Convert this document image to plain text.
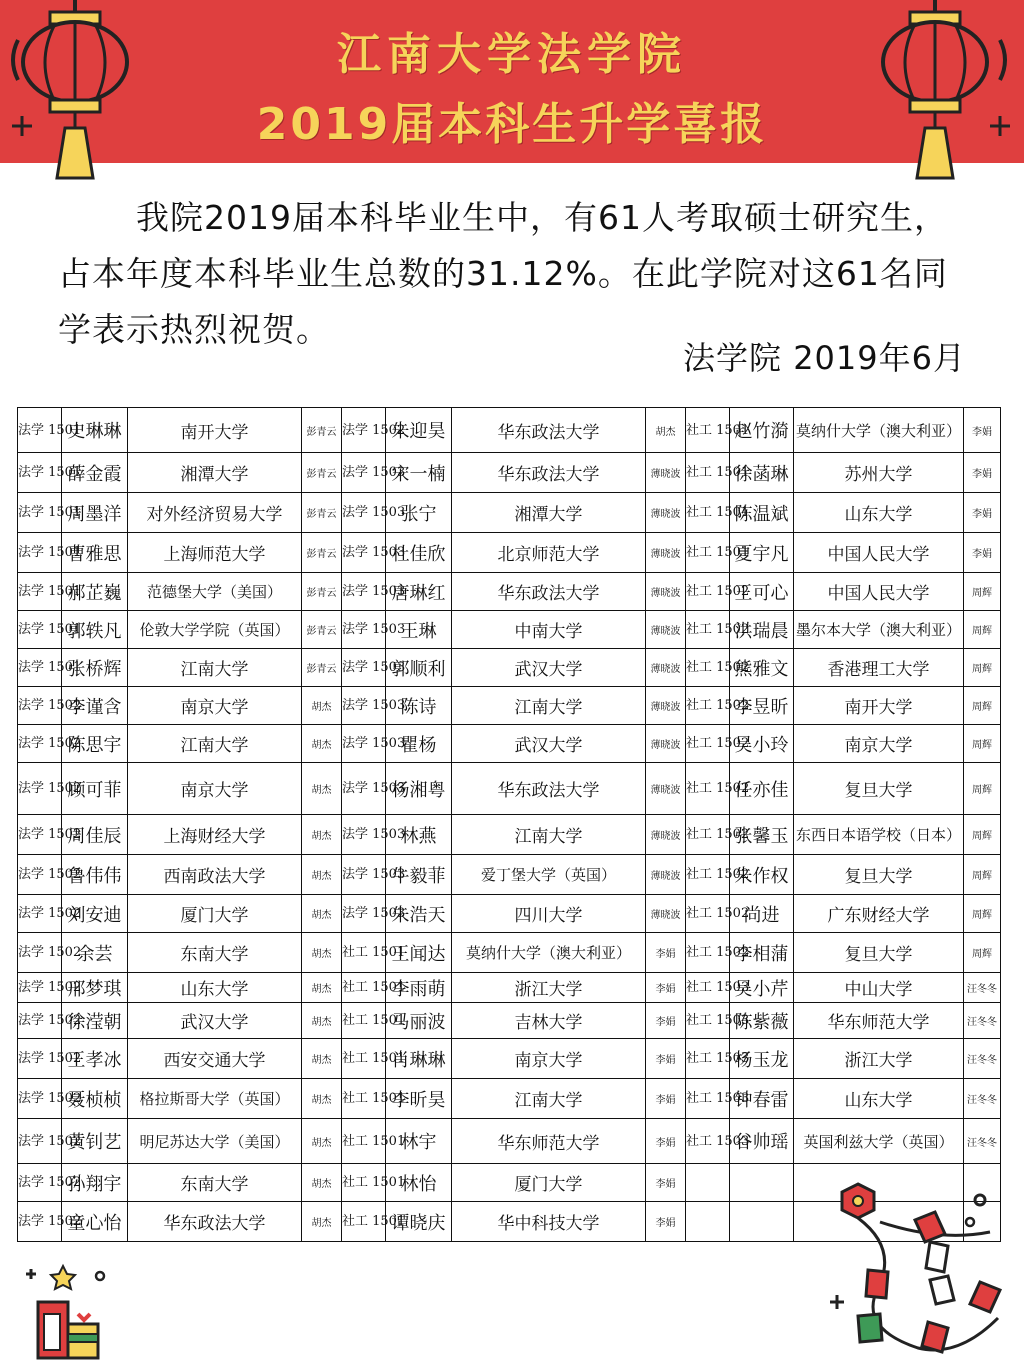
江南大学法学院
2019届本科生升学喜报
我院2019届本科毕业生中，有61人考取硕士研究生，占本年度本科毕业生总数的31.12%。在此学院对这61名同学表示热烈祝贺。
法学院 2019年6月
法学 1501	史琳琳	南开大学	彭青云	法学 1502	朱迎昊	华东政法大学	胡杰	社工 1501	赵竹漪	莫纳什大学（澳大利亚）	李娟
法学 1501	薛金霞	湘潭大学	彭青云	法学 1503	宋一楠	华东政法大学	薄晓波	社工 1501	徐菡琳	苏州大学	李娟
法学 1501	周墨洋	对外经济贸易大学	彭青云	法学 1503	张宁	湘潭大学	薄晓波	社工 1501	陈温斌	山东大学	李娟
法学 1501	曹雅思	上海师范大学	彭青云	法学 1503	杜佳欣	北京师范大学	薄晓波	社工 1501	夏宇凡	中国人民大学	李娟
法学 1501	郝芷巍	范德堡大学（美国）	彭青云	法学 1503	唐琳红	华东政法大学	薄晓波	社工 1502	王可心	中国人民大学	周辉
法学 1501	郭轶凡	伦敦大学学院（英国）	彭青云	法学 1503	王琳	中南大学	薄晓波	社工 1502	洪瑞晨	墨尔本大学（澳大利亚）	周辉
法学 1501	张桥辉	江南大学	彭青云	法学 1503	郭顺利	武汉大学	薄晓波	社工 1502	熊雅文	香港理工大学	周辉
法学 1502	李谨含	南京大学	胡杰	法学 1503	陈诗	江南大学	薄晓波	社工 1502	李昱昕	南开大学	周辉
法学 1502	陈思宇	江南大学	胡杰	法学 1503	瞿杨	武汉大学	薄晓波	社工 1502	吴小玲	南京大学	周辉
法学 1502	顾可菲	南京大学	胡杰	法学 1503	杨湘粤	华东政法大学	薄晓波	社工 1502	任亦佳	复旦大学	周辉
法学 1502	周佳辰	上海财经大学	胡杰	法学 1503	林燕	江南大学	薄晓波	社工 1502	张馨玉	东西日本语学校（日本）	周辉
法学 1502	鲁伟伟	西南政法大学	胡杰	法学 1503	牛毅菲	爱丁堡大学（英国）	薄晓波	社工 1502	朱作权	复旦大学	周辉
法学 1502	刘安迪	厦门大学	胡杰	法学 1503	朱浩天	四川大学	薄晓波	社工 1502	尚进	广东财经大学	周辉
法学 1502	余芸	东南大学	胡杰	社工 1501	王闻达	莫纳什大学（澳大利亚）	李娟	社工 1502	李相蒲	复旦大学	周辉
法学 1502	邢梦琪	山东大学	胡杰	社工 1501	李雨萌	浙江大学	李娟	社工 1503	吴小芹	中山大学	汪冬冬
法学 1502	徐滢朝	武汉大学	胡杰	社工 1501	马丽波	吉林大学	李娟	社工 1503	陈紫薇	华东师范大学	汪冬冬
法学 1502	王孝冰	西安交通大学	胡杰	社工 1501	肖琳琳	南京大学	李娟	社工 1503	杨玉龙	浙江大学	汪冬冬
法学 1502	聂桢桢	格拉斯哥大学（英国）	胡杰	社工 1501	李昕昊	江南大学	李娟	社工 1503	钟春雷	山东大学	汪冬冬
法学 1502	黄钊艺	明尼苏达大学（美国）	胡杰	社工 1501	林宇	华东师范大学	李娟	社工 1503	谷帅瑶	英国利兹大学（英国）	汪冬冬
法学 1502	孙翔宇	东南大学	胡杰	社工 1501	林怡	厦门大学	李娟				
法学 1502	童心怡	华东政法大学	胡杰	社工 1501	谭晓庆	华中科技大学	李娟				
